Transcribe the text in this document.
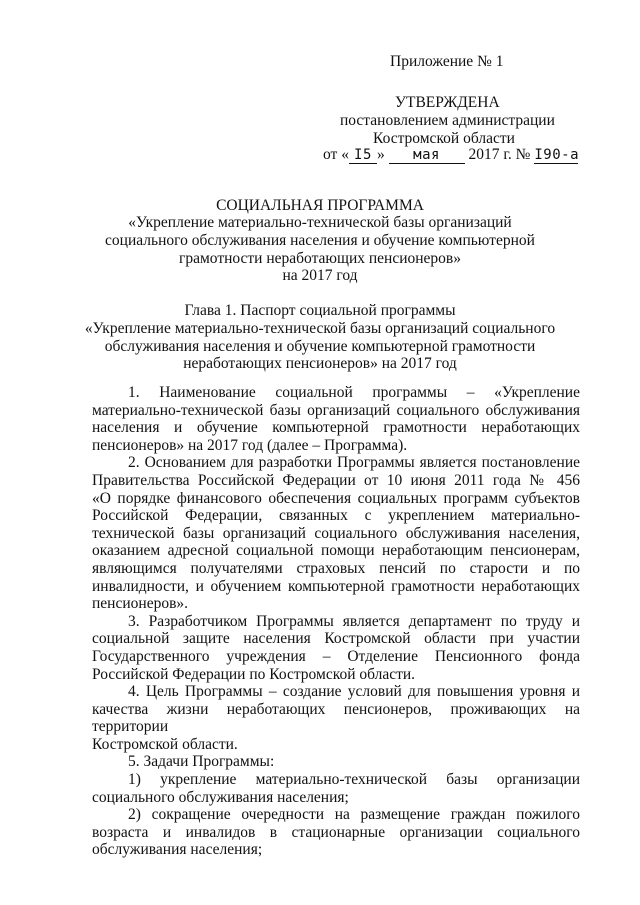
Приложение № 1
УТВЕРЖДЕНА
постановлением администрации
Костромской области
от « I5 » мая 2017 г. № I90-а
СОЦИАЛЬНАЯ ПРОГРАММА
«Укрепление материально-технической базы организаций
социального обслуживания населения и обучение компьютерной
грамотности неработающих пенсионеров»
на 2017 год
Глава 1. Паспорт социальной программы
«Укрепление материально-технической базы организаций социального
обслуживания населения и обучение компьютерной грамотности
неработающих пенсионеров» на 2017 год
1. Наименование социальной программы – «Укрепление
материально-технической базы организаций социального обслуживания
населения и обучение компьютерной грамотности неработающих
пенсионеров» на 2017 год (далее – Программа).
2. Основанием для разработки Программы является постановление
Правительства Российской Федерации от 10 июня 2011 года № 456
«О порядке финансового обеспечения социальных программ субъектов
Российской Федерации, связанных с укреплением материально-
технической базы организаций социального обслуживания населения,
оказанием адресной социальной помощи неработающим пенсионерам,
являющимся получателями страховых пенсий по старости и по
инвалидности, и обучением компьютерной грамотности неработающих
пенсионеров».
3. Разработчиком Программы является департамент по труду и
социальной защите населения Костромской области при участии
Государственного учреждения – Отделение Пенсионного фонда
Российской Федерации по Костромской области.
4. Цель Программы – создание условий для повышения уровня и
качества жизни неработающих пенсионеров, проживающих на территории
Костромской области.
5. Задачи Программы:
1) укрепление материально-технической базы организации
социального обслуживания населения;
2) сокращение очередности на размещение граждан пожилого
возраста и инвалидов в стационарные организации социального
обслуживания населения;
